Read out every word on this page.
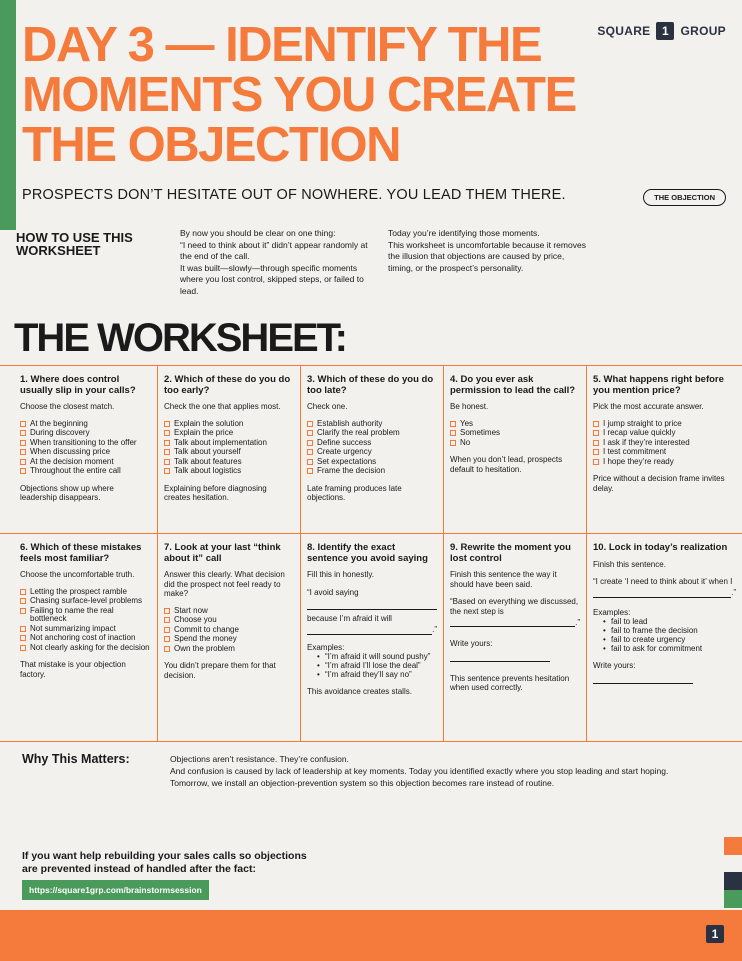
DAY 3 — IDENTIFY THE MOMENTS YOU CREATE THE OBJECTION
SQUARE 1 GROUP
PROSPECTS DON’T HESITATE OUT OF NOWHERE. YOU LEAD THEM THERE.	THE OBJECTION
HOW TO USE THIS WORKSHEET
By now you should be clear on one thing:
“I need to think about it” didn’t appear randomly at the end of the call.
It was built—slowly—through specific moments where you lost control, skipped steps, or failed to lead.
Today you’re identifying those moments.
This worksheet is uncomfortable because it removes the illusion that objections are caused by price, timing, or the prospect’s personality.
THE WORKSHEET:
1. Where does control usually slip in your calls?
Choose the closest match.
At the beginning
During discovery
When transitioning to the offer
When discussing price
At the decision moment
Throughout the entire call
Objections show up where leadership disappears.
2. Which of these do you do too early?
Check the one that applies most.
Explain the solution
Explain the price
Talk about implementation
Talk about yourself
Talk about features
Talk about logistics
Explaining before diagnosing creates hesitation.
3. Which of these do you do too late?
Check one.
Establish authority
Clarify the real problem
Define success
Create urgency
Set expectations
Frame the decision
Late framing produces late objections.
4. Do you ever ask permission to lead the call?
Be honest.
Yes
Sometimes
No
When you don’t lead, prospects default to hesitation.
5. What happens right before you mention price?
Pick the most accurate answer.
I jump straight to price
I recap value quickly
I ask if they’re interested
I test commitment
I hope they’re ready
Price without a decision frame invites delay.
6. Which of these mistakes feels most familiar?
Choose the uncomfortable truth.
Letting the prospect ramble
Chasing surface-level problems
Failing to name the real bottleneck
Not summarizing impact
Not anchoring cost of inaction
Not clearly asking for the decision
That mistake is your objection factory.
7. Look at your last “think about it” call
Answer this clearly. What decision did the prospect not feel ready to make?
Start now
Choose you
Commit to change
Spend the money
Own the problem
You didn’t prepare them for that decision.
8. Identify the exact sentence you avoid saying
Fill this in honestly.
“I avoid saying
because I’m afraid it will
.”
Examples:
• “I’m afraid it will sound pushy”
• “I’m afraid I’ll lose the deal”
• “I’m afraid they’ll say no”
This avoidance creates stalls.
9. Rewrite the moment you lost control
Finish this sentence the way it should have been said.
“Based on everything we discussed, the next step is
.”
Write yours:
This sentence prevents hesitation when used correctly.
10. Lock in today’s realization
Finish this sentence.
“I create ‘I need to think about it’ when I
.”
Examples:
• fail to lead
• fail to frame the decision
• fail to create urgency
• fail to ask for commitment
Write yours:
Why This Matters:	Objections aren’t resistance. They’re confusion.
And confusion is caused by lack of leadership at key moments. Today you identified exactly where you stop leading and start hoping. Tomorrow, we install an objection-prevention system so this objection becomes rare instead of routine.
If you want help rebuilding your sales calls so objections are prevented instead of handled after the fact:
https://square1grp.com/brainstormsession
1
